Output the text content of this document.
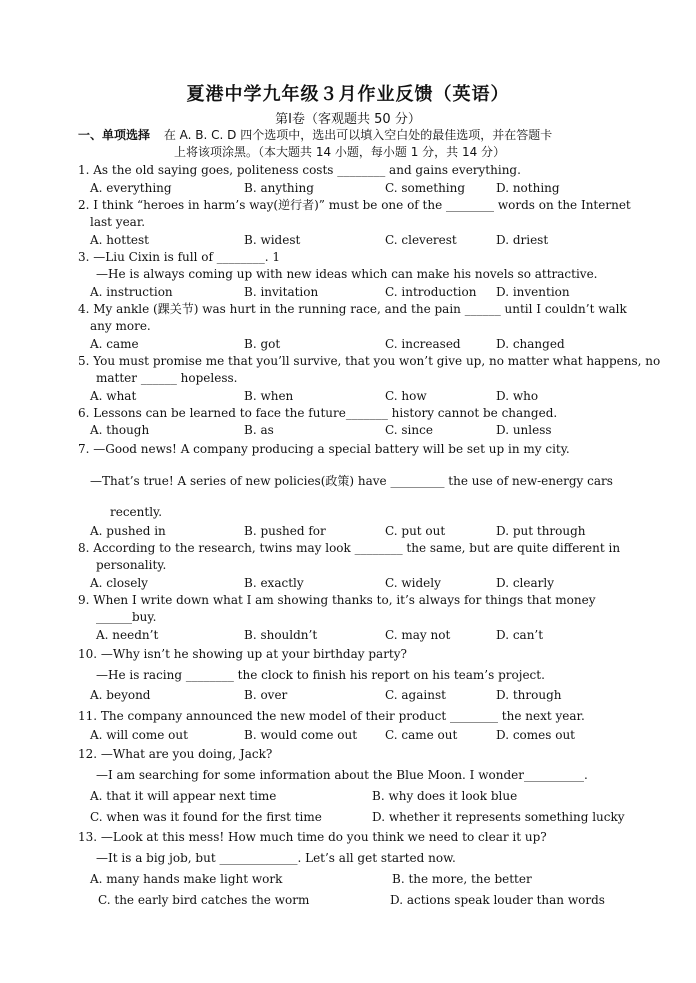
夏港中学九年级３月作业反馈（英语）
第Ⅰ卷（客观题共 50 分）
一、单项选择 在 A. B. C. D 四个选项中，选出可以填入空白处的最佳选项，并在答题卡
上将该项涂黑。（本大题共 14 小题，每小题 1 分，共 14 分）
1. As the old saying goes, politeness costs ________ and gains everything.
A. everything	B. anything	C. something	D. nothing
2. I think “heroes in harm’s way(逆行者)” must be one of the ________ words on the Internet
last year.
A. hottest	B. widest	C. cleverest	D. driest
3. —Liu Cixin is full of ________. 1
—He is always coming up with new ideas which can make his novels so attractive.
A. instruction	B. invitation	C. introduction D. invention
4. My ankle (踝关节) was hurt in the running race, and the pain ______ until I couldn’t walk
any more.
A. came	B. got	C. increased	D. changed
5. You must promise me that you’ll survive, that you won’t give up, no matter what happens, no
matter ______ hopeless.
A. what	B. when	C. how	D. who
6. Lessons can be learned to face the future_______ history cannot be changed.
A. though	B. as	C. since	D. unless
7. —Good news! A company producing a special battery will be set up in my city.
—That’s true! A series of new policies(政策) have _________ the use of new-energy cars
recently.
A. pushed in	B. pushed for	C. put out	D. put through
8. According to the research, twins may look ________ the same, but are quite different in
personality.
A. closely	B. exactly	C. widely	D. clearly
9. When I write down what I am showing thanks to, it’s always for things that money
______buy.
A. needn’t	B. shouldn’t	C. may not	D. can’t
10. —Why isn’t he showing up at your birthday party?
—He is racing ________ the clock to finish his report on his team’s project.
A. beyond	B. over	C. against	D. through
11. The company announced the new model of their product ________ the next year.
A. will come out	B. would come out C. came out	D. comes out
12. —What are you doing, Jack?
—I am searching for some information about the Blue Moon. I wonder__________.
A. that it will appear next time	B. why does it look blue
C. when was it found for the first time	D. whether it represents something lucky
13. —Look at this mess! How much time do you think we need to clear it up?
—It is a big job, but _____________. Let’s all get started now.
A. many hands make light work	B. the more, the better
C. the early bird catches the worm	D. actions speak louder than words
